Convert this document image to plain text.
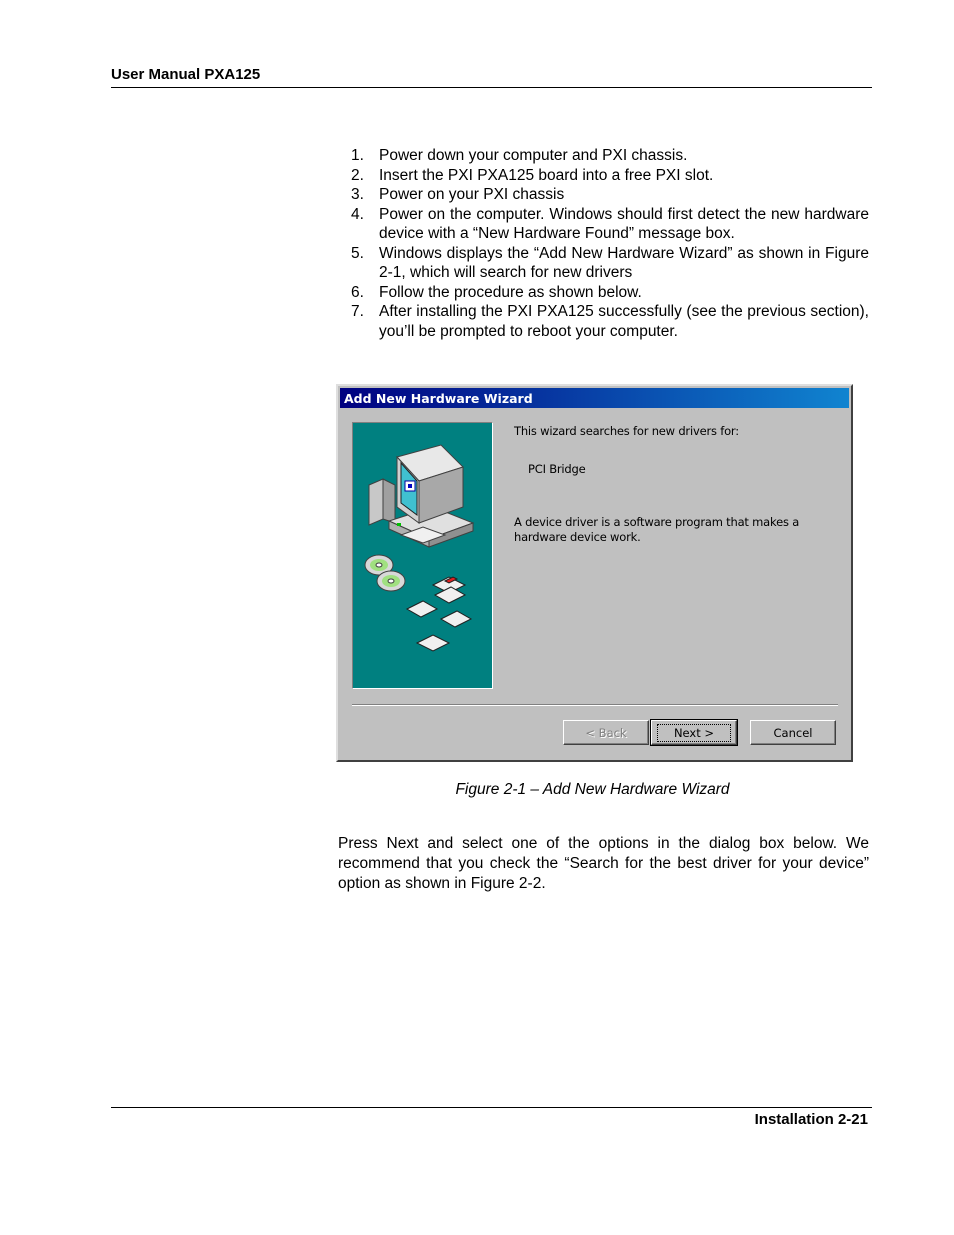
User Manual PXA125
1. Power down your computer and PXI chassis.
2. Insert the PXI PXA125 board into a free PXI slot.
3. Power on your PXI chassis
4. Power on the computer. Windows should first detect the new hardware device with a “New Hardware Found” message box.
5. Windows displays the “Add New Hardware Wizard” as shown in Figure 2-1, which will search for new drivers
6. Follow the procedure as shown below.
7. After installing the PXI PXA125 successfully (see the previous section), you’ll be prompted to reboot your computer.
Add New Hardware Wizard
This wizard searches for new drivers for:
PCI Bridge
A device driver is a software program that makes a hardware device work.
< Back	Next >	Cancel
Figure 2-1 – Add New Hardware Wizard

Press Next and select one of the options in the dialog box below. We recommend that you check the “Search for the best driver for your device” option as shown in Figure 2-2.

Installation 2-21
